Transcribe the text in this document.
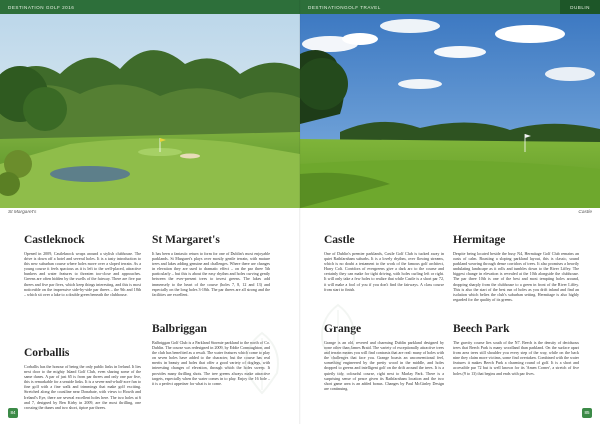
DESTINATION GOLF 2016
St Margaret's
Castleknock
Opened in 2009, Castleknock wraps around a stylish clubhouse. The drive is down off a hotel and several holes. It is a tasty introduction to this new suburban course where holes move over a sloped terrain. As a young course it feels spacious as it is left to the well-placed, attractive bunkers and water features to threaten too-close and approaches. Greens are often hidden by the swells of the fairway. There are five par threes and five par fives, which keep things interesting, and this is most noticeable on the impressive side-by-side par threes – the 9th and 18th – which sit over a lake to a double green beneath the clubhouse.
Corballis
Corballis has the honour of being the only public links in Ireland. It lies next door to the mighty Island Golf Club, even sharing some of the same dunes. A par of just 65 is from par threes and only one par five, this is remarkable for a seaside links. It is a seven-and-a-half-acre fun to fine golf with a fine walk and trimmings that make golf exciting. Stretched along the coastline near Donabate, with views to Howth and Ireland's Eye, there are several excellent holes here. The two holes at 6 and 7, designed by Ben Kirby in 2009, are the most thrilling, one crossing the dunes and two short, tiptoe par threes.
St Margaret's
It has been a fantastic return to form for one of Dublin's most enjoyable parklands. St Margaret's plays over mostly gentle terrain, with mature trees and lakes adding genuine and challenges. Where there are changes in elevation they are used to dramatic effect – on the par three 5th particularly – but this is about the easy rhythm and holes curving gently between the ever-present trees to invest greens. The lakes add immensely to the heart of the course (holes 7, 8, 12 and 13) and especially on the long holes 3-18th. The par threes are all strong and the facilities are excellent.
Balbriggan
Balbriggan Golf Club is a Parkland Stormie parkland to the north of Co. Dublin. The course was redesigned in 2009, by Eddie Connaughton, and the club has benefited as a result. The water features which come to play on seven holes have added to the character, but the course has real merits in beauty and holes that offer a good variety of doglegs, with interesting changes of elevation, through which the holes sweep. It provides many thrilling shots. The tree greens always make attractive targets, especially when the water comes in to play. Enjoy the 16 hole – it is a perfect appetiser for what is to come.
84
DESTINATIONGOLF TRAVEL	DUBLIN
Castle
Castle
One of Dublin's premier parklands, Castle Golf Club is tucked away in quiet Rathfarnham suburbs. It is a lovely rhythm, over flowing streams, which is no doubt a testament to the work of the famous golf architect, Harry Colt. Corridors of evergreens give a dark arc to the course and certainly they can make for tight driving, with holes curling left or right. It will only take a few holes to realize that while Castle is a short par 72, it will make a fool of you if you don't find the fairways. A class course from start to finish.
Grange
Grange is an old, revered and charming Dublin parkland designed by none other than James Braid. The variety of exceptionally attractive trees and terrain means you will find contrasts that are real: many of holes with the challenges that face you. Grange boasts an unconventional feel, something engineered by the pretty wood in the middle, and holes dropped to greens and intelligent golf on the drift around the trees. It is a quietly tidy, colourful course, right next to Marlay Park. There is a surprising sense of peace given its Rathfarnham location and the two short game area is an added bonus. Changes by Paul McGinley Design are continuing.
Hermitage
Despite being located beside the busy N4, Hermitage Golf Club remains an oasis of calm. Boasting a sloping parkland layout, this is classic, sound parkland weaving through dense corridors of trees. It also promises a heavily undulating landscape as it rolls and tumbles down to the River Liffey. The biggest change in elevation is revealed at the 10th alongside the clubhouse. The par three 10th is one of the best and most tempting holes around, dropping sharply from the clubhouse to a green in front of the River Liffey. This is also the start of the best run of holes as you drift inland and find an isolation which belies the club's suburban setting. Hermitage is also highly regarded for the quality of its greens.
Beech Park
The gravity course lies south of the N7. Beech is the density of deciduous trees that Beech Park is many woodland than parkland. On the surface apart from area trees still shoulder you every step of the way, while on the back nine they claim more victims, some find overtaken. Combined with the water features it makes Beech Park a charming round of golf. It is a short and accessible par 72 but is well known for its 'Amen Corner', a stretch of five holes (9 to 13) that begins and ends with par fives.
85
